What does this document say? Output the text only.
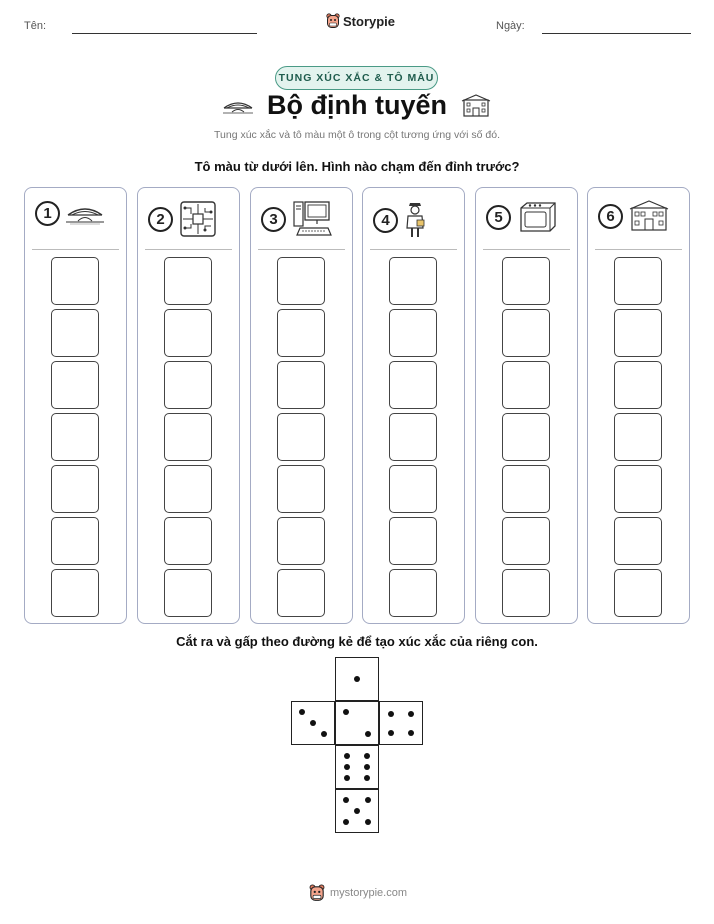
Tên:	Storypie	Ngày:
TUNG XÚC XẮC & TÔ MÀU
Bộ định tuyến
Tung xúc xắc và tô màu một ô trong cột tương ứng với số đó.
Tô màu từ dưới lên. Hình nào chạm đến đỉnh trước?
1	2	3	4	5	6
Cắt ra và gấp theo đường kẻ để tạo xúc xắc của riêng con.
mystorypie.com
